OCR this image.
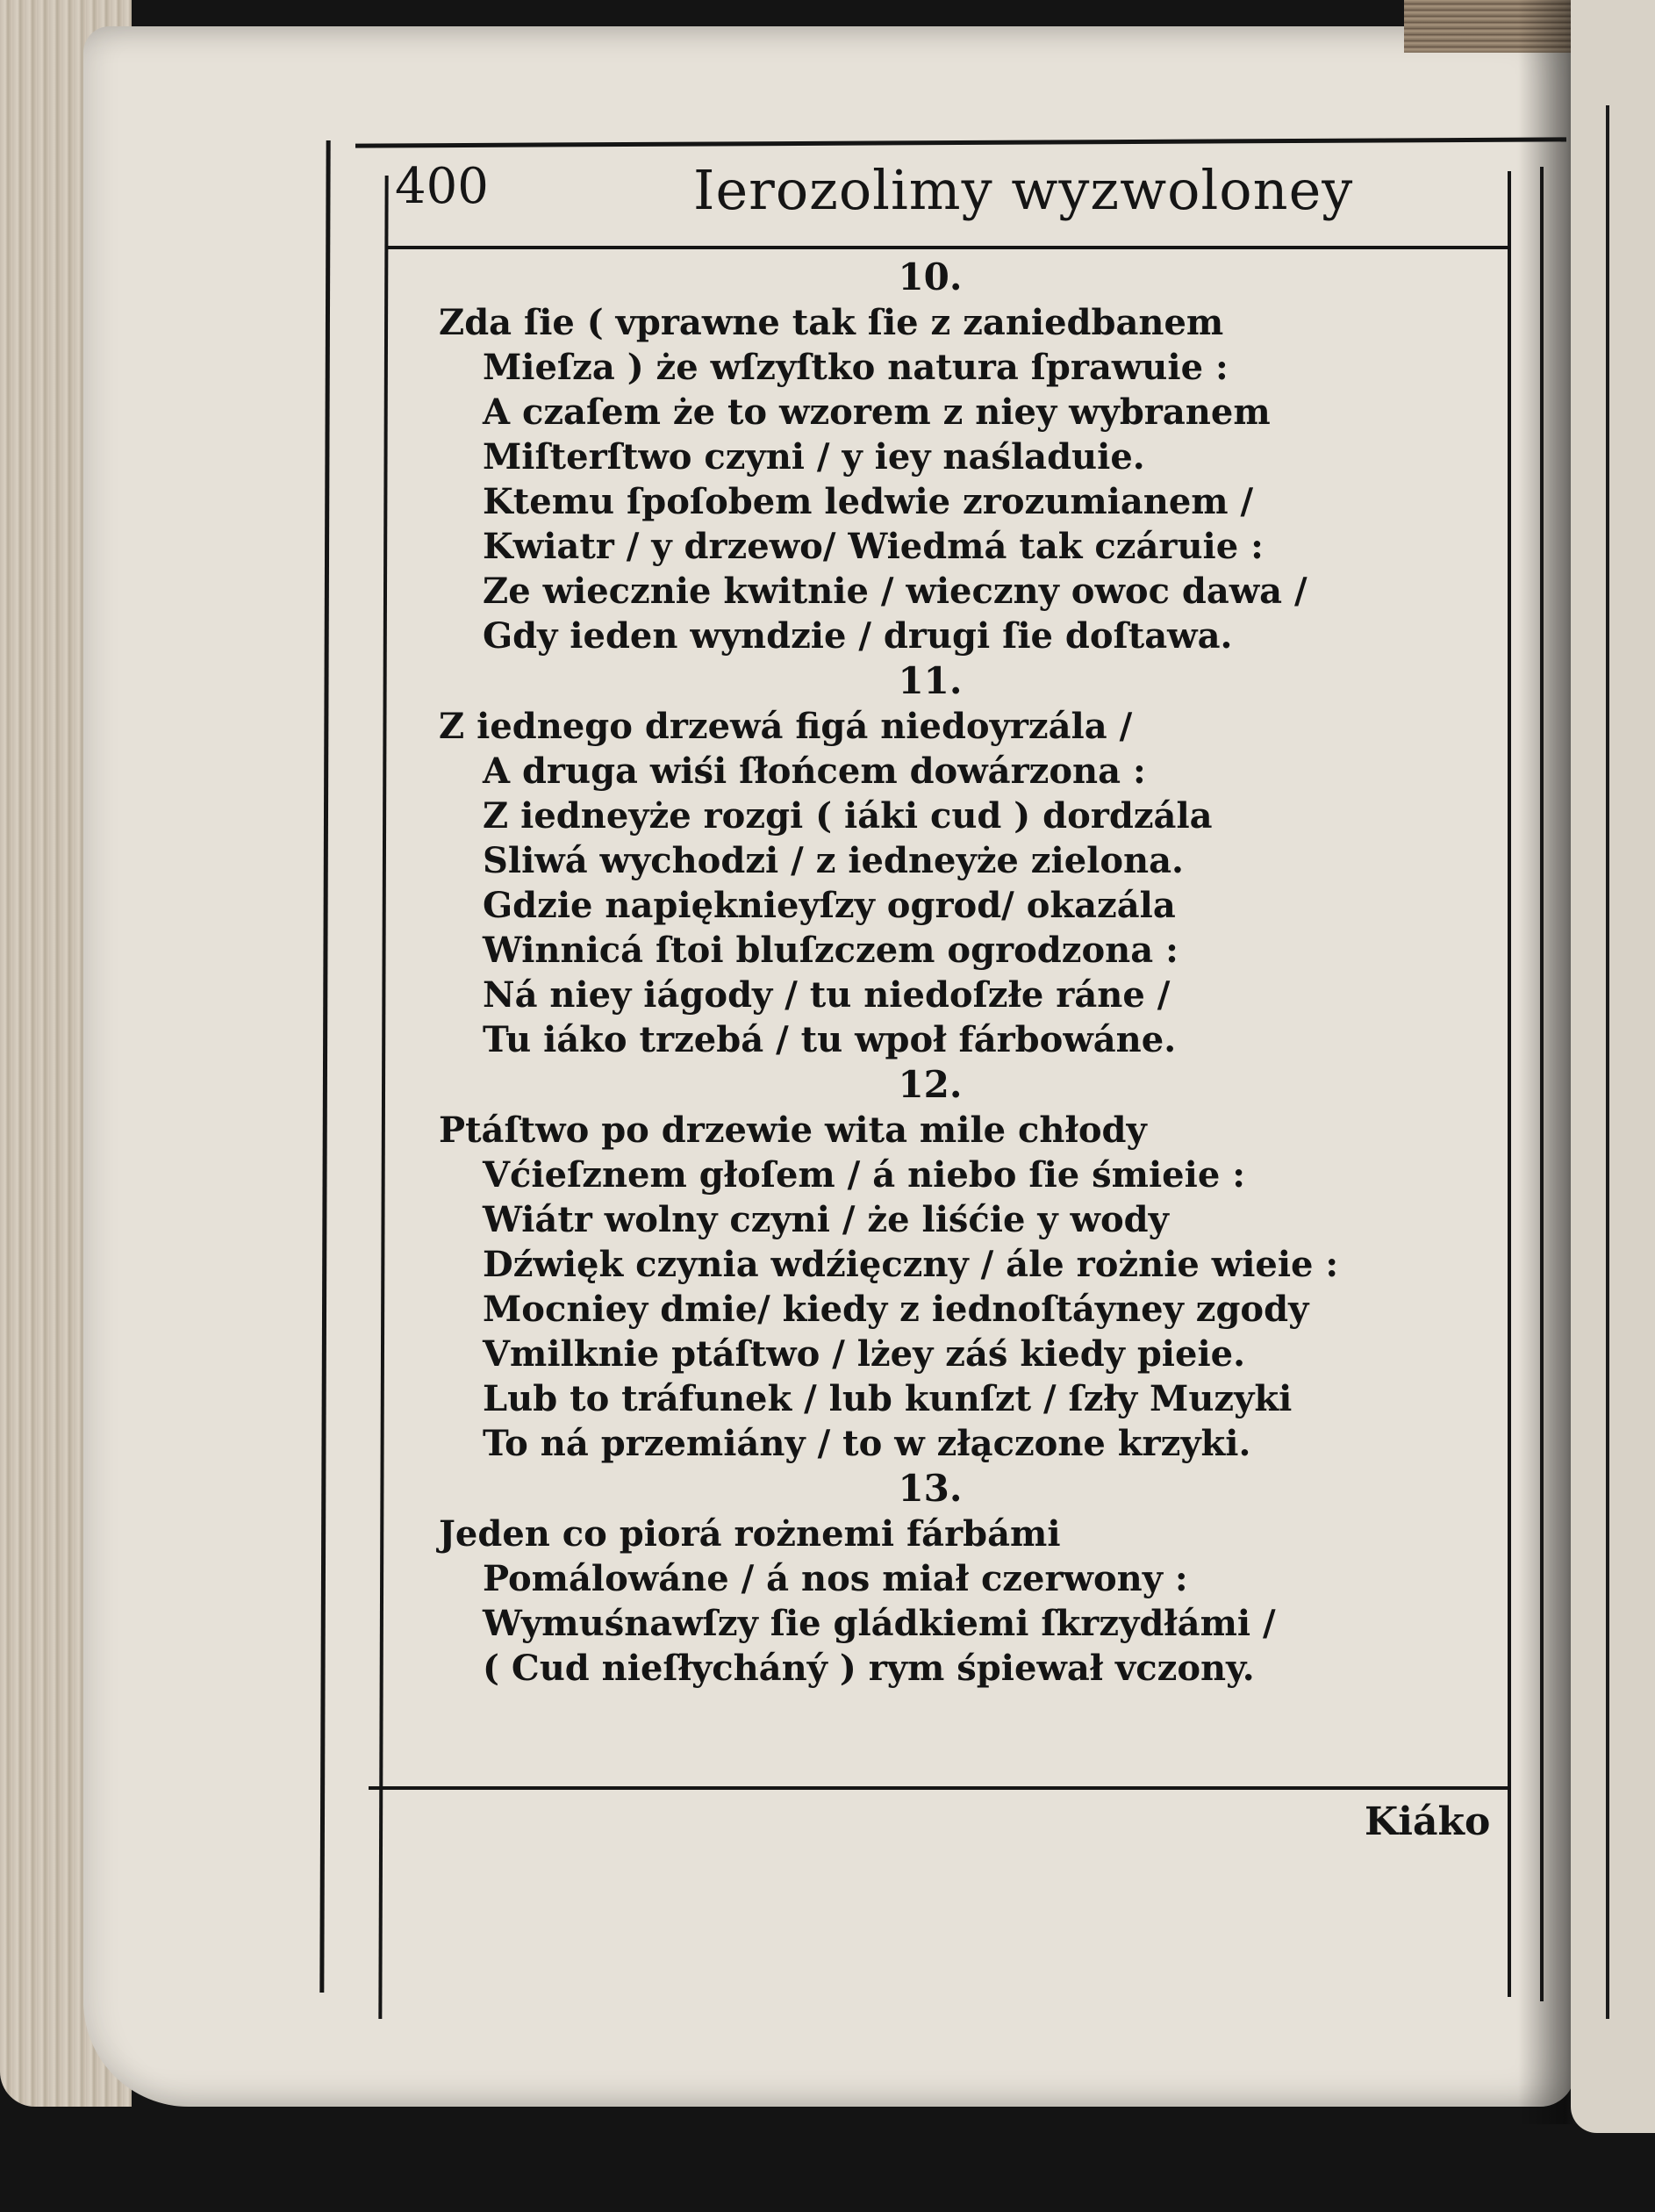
400	Ierozolimy wyzwoloney
10.
Zda ſie ( vprawne tak ſie z zaniedbanem
Mieſza ) że wſzyſtko natura ſprawuie :
A czaſem że to wzorem z niey wybranem
Miſterſtwo czyni / y iey naśladuie.
Ktemu ſpoſobem ledwie zrozumianem /
Kwiatr / y drzewo/ Wiedmá tak czáruie :
Ze wiecznie kwitnie / wieczny owoc dawa /
Gdy ieden wyndzie / drugi ſie doſtawa.
11.
Z iednego drzewá figá niedoyrzála /
A druga wiśi ſłońcem dowárzona :
Z iedneyże rozgi ( iáki cud ) dordzála
Sliwá wychodzi / z iedneyże zielona.
Gdzie napięknieyſzy ogrod/ okazála
Winnicá ſtoi bluſzczem ogrodzona :
Ná niey iágody / tu niedoſzłe ráne /
Tu iáko trzebá / tu wpoł fárbowáne.
12.
Ptáſtwo po drzewie wita mile chłody
Vćieſznem głoſem / á niebo ſie śmieie :
Wiátr wolny czyni / że liśćie y wody
Dźwięk czynia wdźięczny / ále rożnie wieie :
Mocniey dmie/ kiedy z iednoſtáyney zgody
Vmilknie ptáſtwo / lżey záś kiedy pieie.
Lub to tráfunek / lub kunſzt / ſzły Muzyki
To ná przemiány / to w złączone krzyki.
13.
Jeden co piorá rożnemi fárbámi
Pomálowáne / á nos miał czerwony :
Wymuśnawſzy ſie gládkiemi ſkrzydłámi /
( Cud nieſłycháný ) rym śpiewał vczony.
Kiáko
